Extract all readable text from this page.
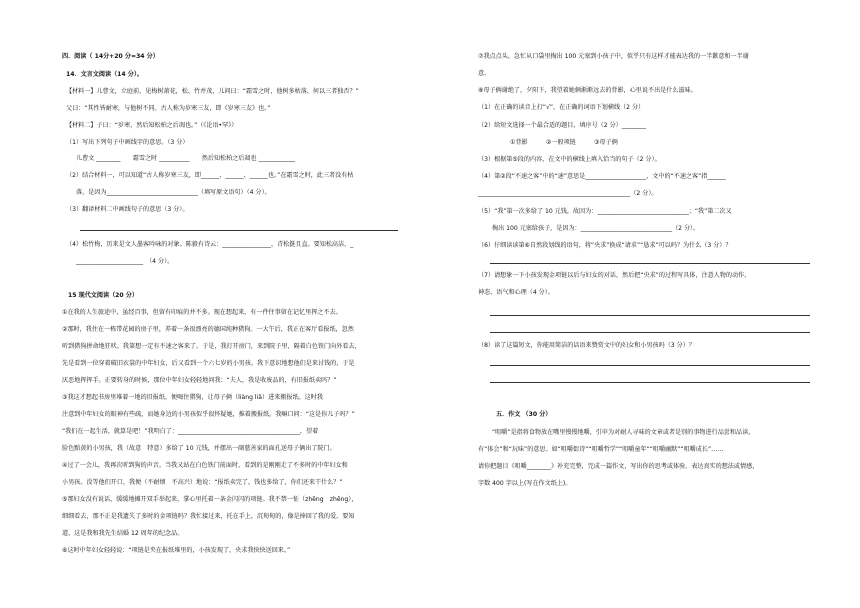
四．阅读（ 14分+20 分=34 分）
14．文言文阅读（14 分）。
【材料一】儿曹文，立庭前，见梅树萧花，松、竹并茂，儿问曰：“霜雪之时，他树多枯落，何以三者独否？”
父曰：“其性皆耐寒，与他树不同。古人称为岁寒三友，即《岁寒三友》也。”
【材料二】子曰：“岁寒，然后知松柏之后凋也。”（《论语•罕》）
（1）写出下列句子中画线字的意思。（3 分）
儿曹文 ________　　霜雪之时 __________　　然后知松柏之后凋也 ____________
（2）结合材料一，可以知道“古人称岁寒三友，即______、______、______也。”在霜雪之时，此三者没有枯
落，是因为______________________________（填写原文语句）（4 分）。
（3）翻译材料二中画线句子的意思（3 分）。
（4）松竹梅，历来是文人墨客吟咏的对象。陈毅有诗云：________________，青松挺且直。要知松高洁，_
______________________　（4 分）。
15 现代文阅读（20 分）
①在我的人生旅途中，虽经百事，但留有印痕的并不多。现在想起来，有一件往事留在记忆里挥之不去。
②那时，我住在一栋带花园的房子里，养着一条很漂亮的德国纯种猎狗。一大午后，我正在客厅看报纸，忽然
听到猎狗拼命地狂吠。我第想一定有不速之客来了。于是，我打开房门，来到院子里，隔着白色铁门向外看去，
先是看到一位穿着破旧衣裳的中年妇女，后又看到一个六七岁的小男孩。我下意识地想他们是来讨钱的，于是
厌恶地挥挥手。正要转身的时候，那位中年妇女轻轻地问我：“夫人，我是收废品的，有旧报纸卖吗？”
③我这才想起书房里堆着一地的旧报纸，便喝住猎狗，让母子俩（liàng liǎ）进来搬报纸。这时我
注意到中年妇女的眼神有些疏，而她身边的小男孩似乎很怀疑她，推着搬报纸。我嘛口问：“这是你儿子吗？”
“我们在一起生活，就算是吧！”我明白了：________________________________________，望着
脸色黯黄的小男孩，我（故意　特意）多给了 10 元钱，并摆出一副慈善家的面孔送母子俩出了院门。
④过了一会儿，我再次听到狗的声音。当我又站在白色铁门前面时，看到的是刚刚走了不多时的中年妇女和
小男孩。没等他们开口，我便（不耐烦　不高兴）地说：“报纸卖完了，钱也多给了，你们还来干什么？”
⑤那妇女没有说话，缓缓地摊开双手举起来，掌心里托着一条金闪闪的项链。我不禁一怔（zhēng　zhēng），
细细看去，那不正是我遗失了多时的金项链吗？我忙接过来，托在手上，沉甸甸的，像是捧回了我的爱。要知
道，这是我和我先生结婚 12 周年的纪念品。
⑥这时中年妇女轻轻说：“项链是夹在报纸堆里的，小孩发现了，央求我快快送回来。”
⑦我点点头，急忙从口袋里掏出 100 元塞到小孩子中，似乎只有这样才能表达我的一半歉意和一半谢
意。
⑧母子俩谢绝了，夕阳下，我望着她俩渐渐远去的背影，心里说不出是什么滋味。
（1）在正确的读音上打“√”，在正确的词语下划横线（2 分）
（2）给短文选择一个最合适的题目，填序号（2 分）________
①背影　　　②一般项链　　　③母子俩
（3）根据第⑤段的内容，在文中的横线上填入恰当的句子（2 分）。
（4）第②段“不速之客”中的“速”意思是____________________，文中的“不速之客”指______
__________________________________________________（2 分）。
（5）“我”第一次多给了 10 元钱，故因为：______________________________；“我”第二次又
掏出 100 元塞给孩子，是因为：______________________________（2 分）。
（6）仔细读读第⑥自然段划线的语句，将“央求”换成“请求”“恳求”可以吗？为什么（3 分）？
（7）请想象一下小孩发现金项链以后与妇女的对话，然后把“央求”的过程写具体，注意人物的动作、
神态、语气和心理（4 分）。
（8）读了这篇短文，你能用简洁的话语来赞赏文中的妇女和小男孩吗（3 分）？
五．作文 （30 分）
“咀嚼”是指将食物放在嘴里慢慢地嚼，引申为对耐人寻味的文章或者是别的事物进行品尝和品读，
有“体会”和“玩味”的意思。如“咀嚼街诗”“咀嚼哲学”“咀嚼童年”“咀嚼幽默”“咀嚼成长”……
请你把题目《咀嚼________》补充完整，完成一篇作文，写出你的思考或体验，表达真实的想法或情感，
字数 400 字以上(写在作文纸上)。
